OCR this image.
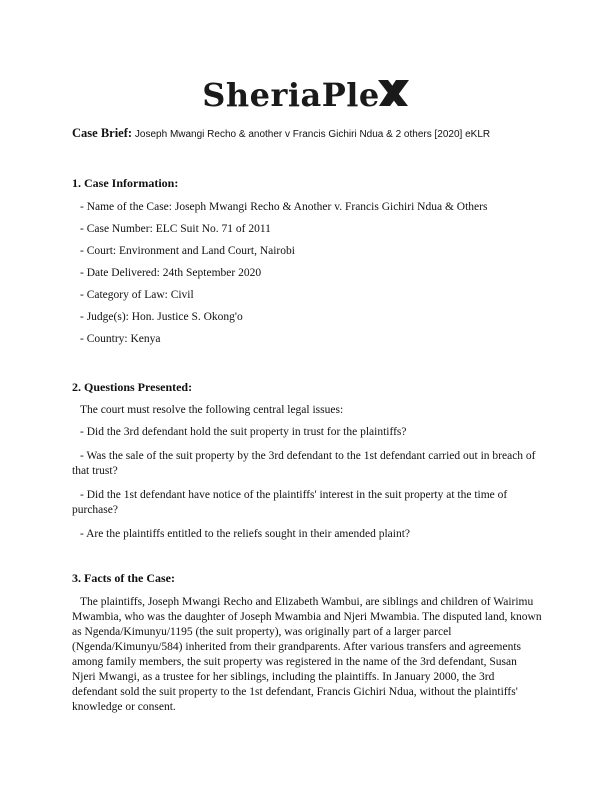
SheriaPle
Case Brief: Joseph Mwangi Recho & another v Francis Gichiri Ndua & 2 others [2020] eKLR

1. Case Information:

- Name of the Case: Joseph Mwangi Recho & Another v. Francis Gichiri Ndua & Others

- Case Number: ELC Suit No. 71 of 2011

- Court: Environment and Land Court, Nairobi

- Date Delivered: 24th September 2020

- Category of Law: Civil

- Judge(s): Hon. Justice S. Okong'o

- Country: Kenya

2. Questions Presented:

The court must resolve the following central legal issues:

- Did the 3rd defendant hold the suit property in trust for the plaintiffs?

- Was the sale of the suit property by the 3rd defendant to the 1st defendant carried out in breach of that trust?

- Did the 1st defendant have notice of the plaintiffs' interest in the suit property at the time of purchase?

- Are the plaintiffs entitled to the reliefs sought in their amended plaint?

3. Facts of the Case:

The plaintiffs, Joseph Mwangi Recho and Elizabeth Wambui, are siblings and children of Wairimu Mwambia, who was the daughter of Joseph Mwambia and Njeri Mwambia. The disputed land, known as Ngenda/Kimunyu/1195 (the suit property), was originally part of a larger parcel (Ngenda/Kimunyu/584) inherited from their grandparents. After various transfers and agreements among family members, the suit property was registered in the name of the 3rd defendant, Susan Njeri Mwangi, as a trustee for her siblings, including the plaintiffs. In January 2000, the 3rd defendant sold the suit property to the 1st defendant, Francis Gichiri Ndua, without the plaintiffs' knowledge or consent.
